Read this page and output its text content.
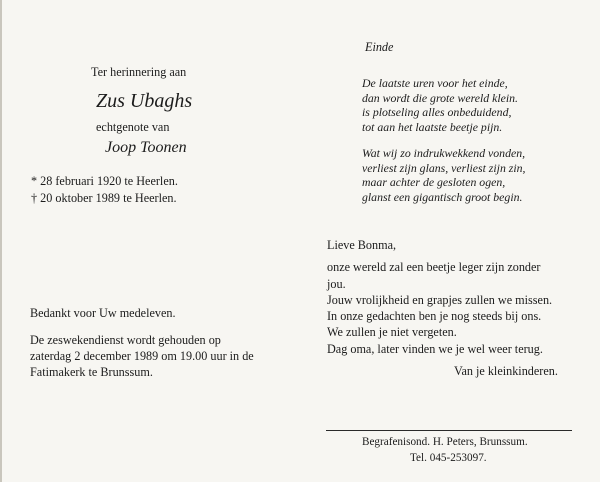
Ter herinnering aan
Zus Ubaghs
echtgenote van
Joop Toonen
* 28 februari 1920 te Heerlen.
† 20 oktober 1989 te Heerlen.
Bedankt voor Uw medeleven.
De zeswekendienst wordt gehouden op
zaterdag 2 december 1989 om 19.00 uur in de
Fatimakerk te Brunssum.
Einde
De laatste uren voor het einde,
dan wordt die grote wereld klein.
is plotseling alles onbeduidend,
tot aan het laatste beetje pijn.
Wat wij zo indrukwekkend vonden,
verliest zijn glans, verliest zijn zin,
maar achter de gesloten ogen,
glanst een gigantisch groot begin.
Lieve Bonma,
onze wereld zal een beetje leger zijn zonder
jou.
Jouw vrolijkheid en grapjes zullen we missen.
In onze gedachten ben je nog steeds bij ons.
We zullen je niet vergeten.
Dag oma, later vinden we je wel weer terug.
Van je kleinkinderen.
Begrafenisond. H. Peters, Brunssum.
Tel. 045-253097.
